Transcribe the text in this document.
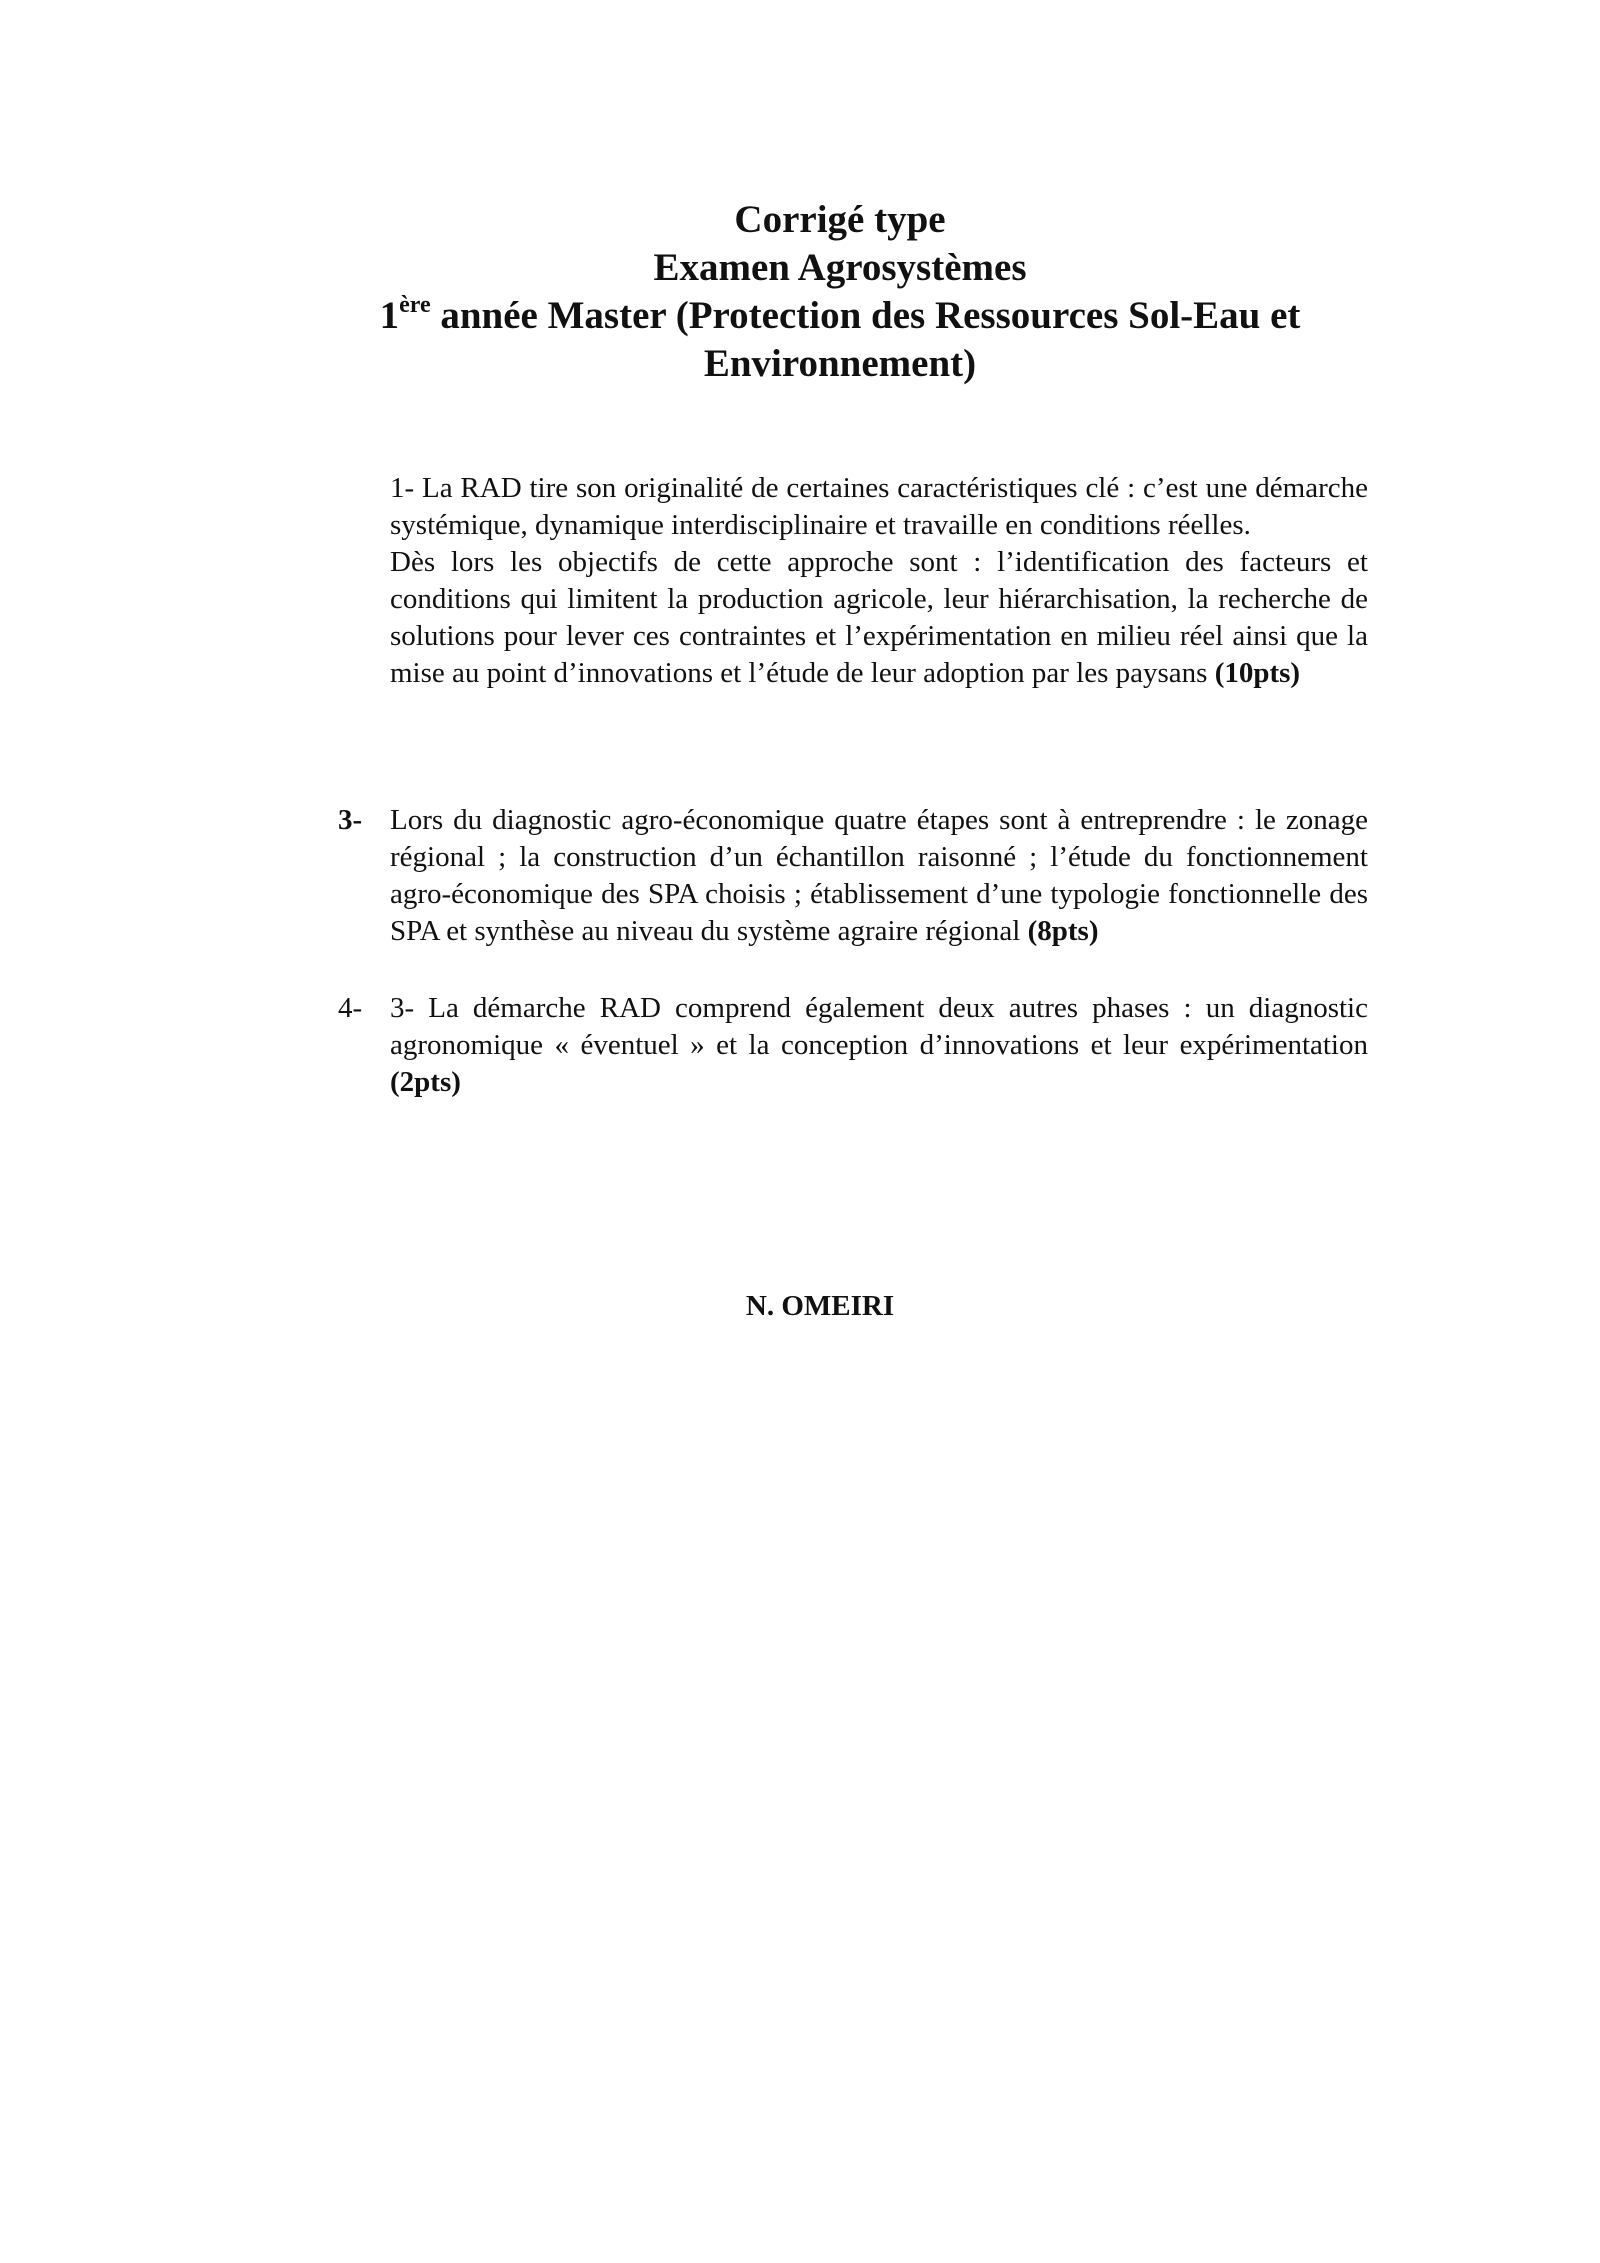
Corrigé type
Examen Agrosystèmes
1ère année Master (Protection des Ressources Sol-Eau et
Environnement)
1- La RAD tire son originalité de certaines caractéristiques clé : c’est une démarche systémique, dynamique interdisciplinaire et travaille en conditions réelles.
Dès lors les objectifs de cette approche sont : l’identification des facteurs et conditions qui limitent la production agricole, leur hiérarchisation, la recherche de solutions pour lever ces contraintes et l’expérimentation en milieu réel ainsi que la mise au point d’innovations et l’étude de leur adoption par les paysans (10pts)
3- Lors du diagnostic agro-économique quatre étapes sont à entreprendre : le zonage régional ; la construction d’un échantillon raisonné ; l’étude du fonctionnement agro-économique des SPA choisis ; établissement d’une typologie fonctionnelle des SPA et synthèse au niveau du système agraire régional (8pts)
4- 3- La démarche RAD comprend également deux autres phases : un diagnostic agronomique « éventuel » et la conception d’innovations et leur expérimentation (2pts)
N. OMEIRI
